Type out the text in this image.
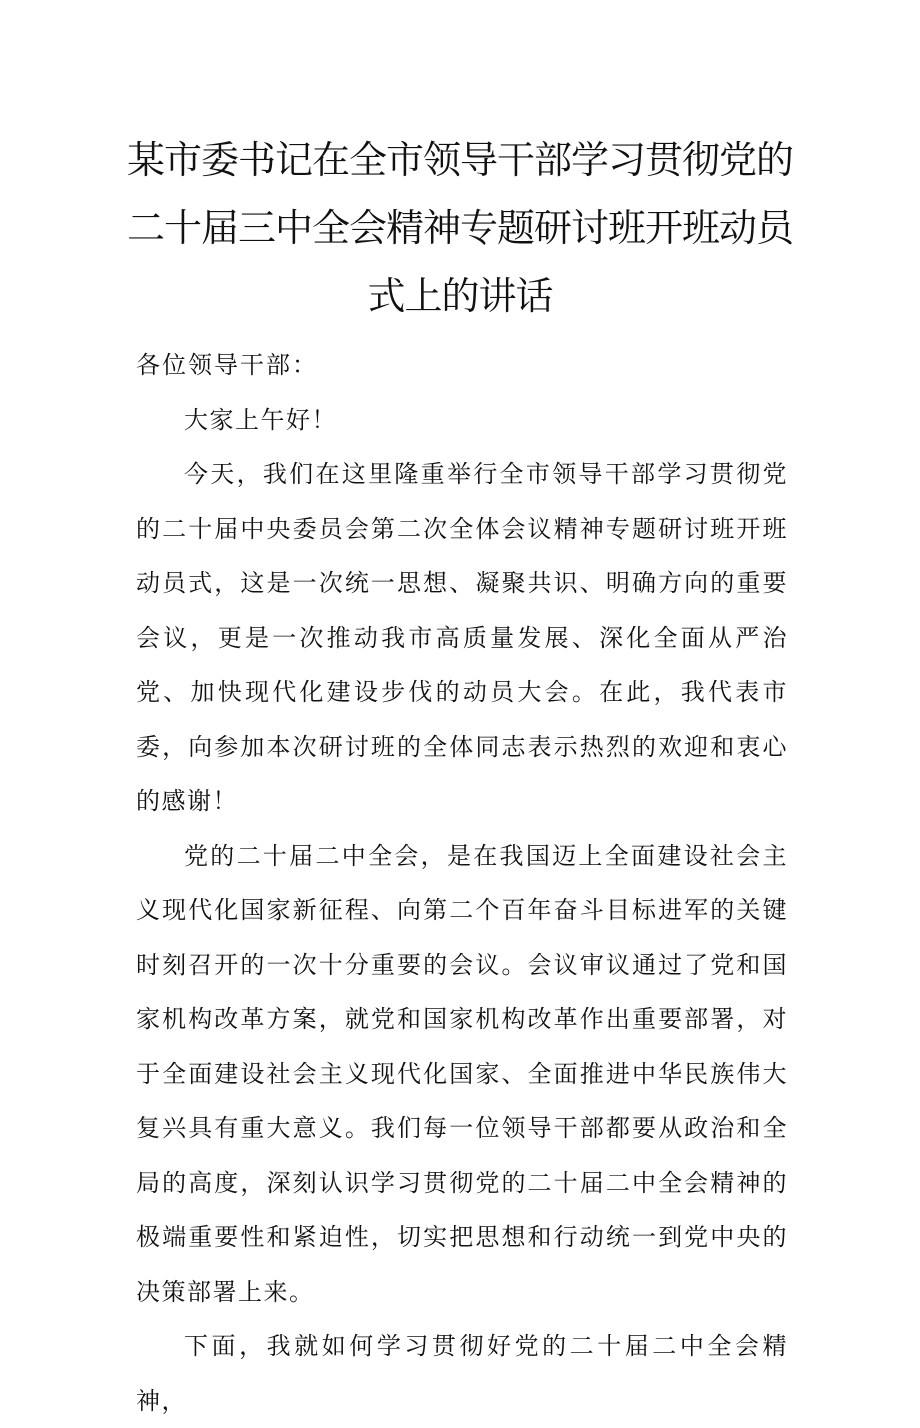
某市委书记在全市领导干部学习贯彻党的二十届三中全会精神专题研讨班开班动员式上的讲话

各位领导干部：

大家上午好！

今天，我们在这里隆重举行全市领导干部学习贯彻党的二十届中央委员会第二次全体会议精神专题研讨班开班动员式，这是一次统一思想、凝聚共识、明确方向的重要会议，更是一次推动我市高质量发展、深化全面从严治党、加快现代化建设步伐的动员大会。在此，我代表市委，向参加本次研讨班的全体同志表示热烈的欢迎和衷心的感谢！

党的二十届二中全会，是在我国迈上全面建设社会主义现代化国家新征程、向第二个百年奋斗目标进军的关键时刻召开的一次十分重要的会议。会议审议通过了党和国家机构改革方案，就党和国家机构改革作出重要部署，对于全面建设社会主义现代化国家、全面推进中华民族伟大复兴具有重大意义。我们每一位领导干部都要从政治和全局的高度，深刻认识学习贯彻党的二十届二中全会精神的极端重要性和紧迫性，切实把思想和行动统一到党中央的决策部署上来。

下面，我就如何学习贯彻好党的二十届二中全会精神，
